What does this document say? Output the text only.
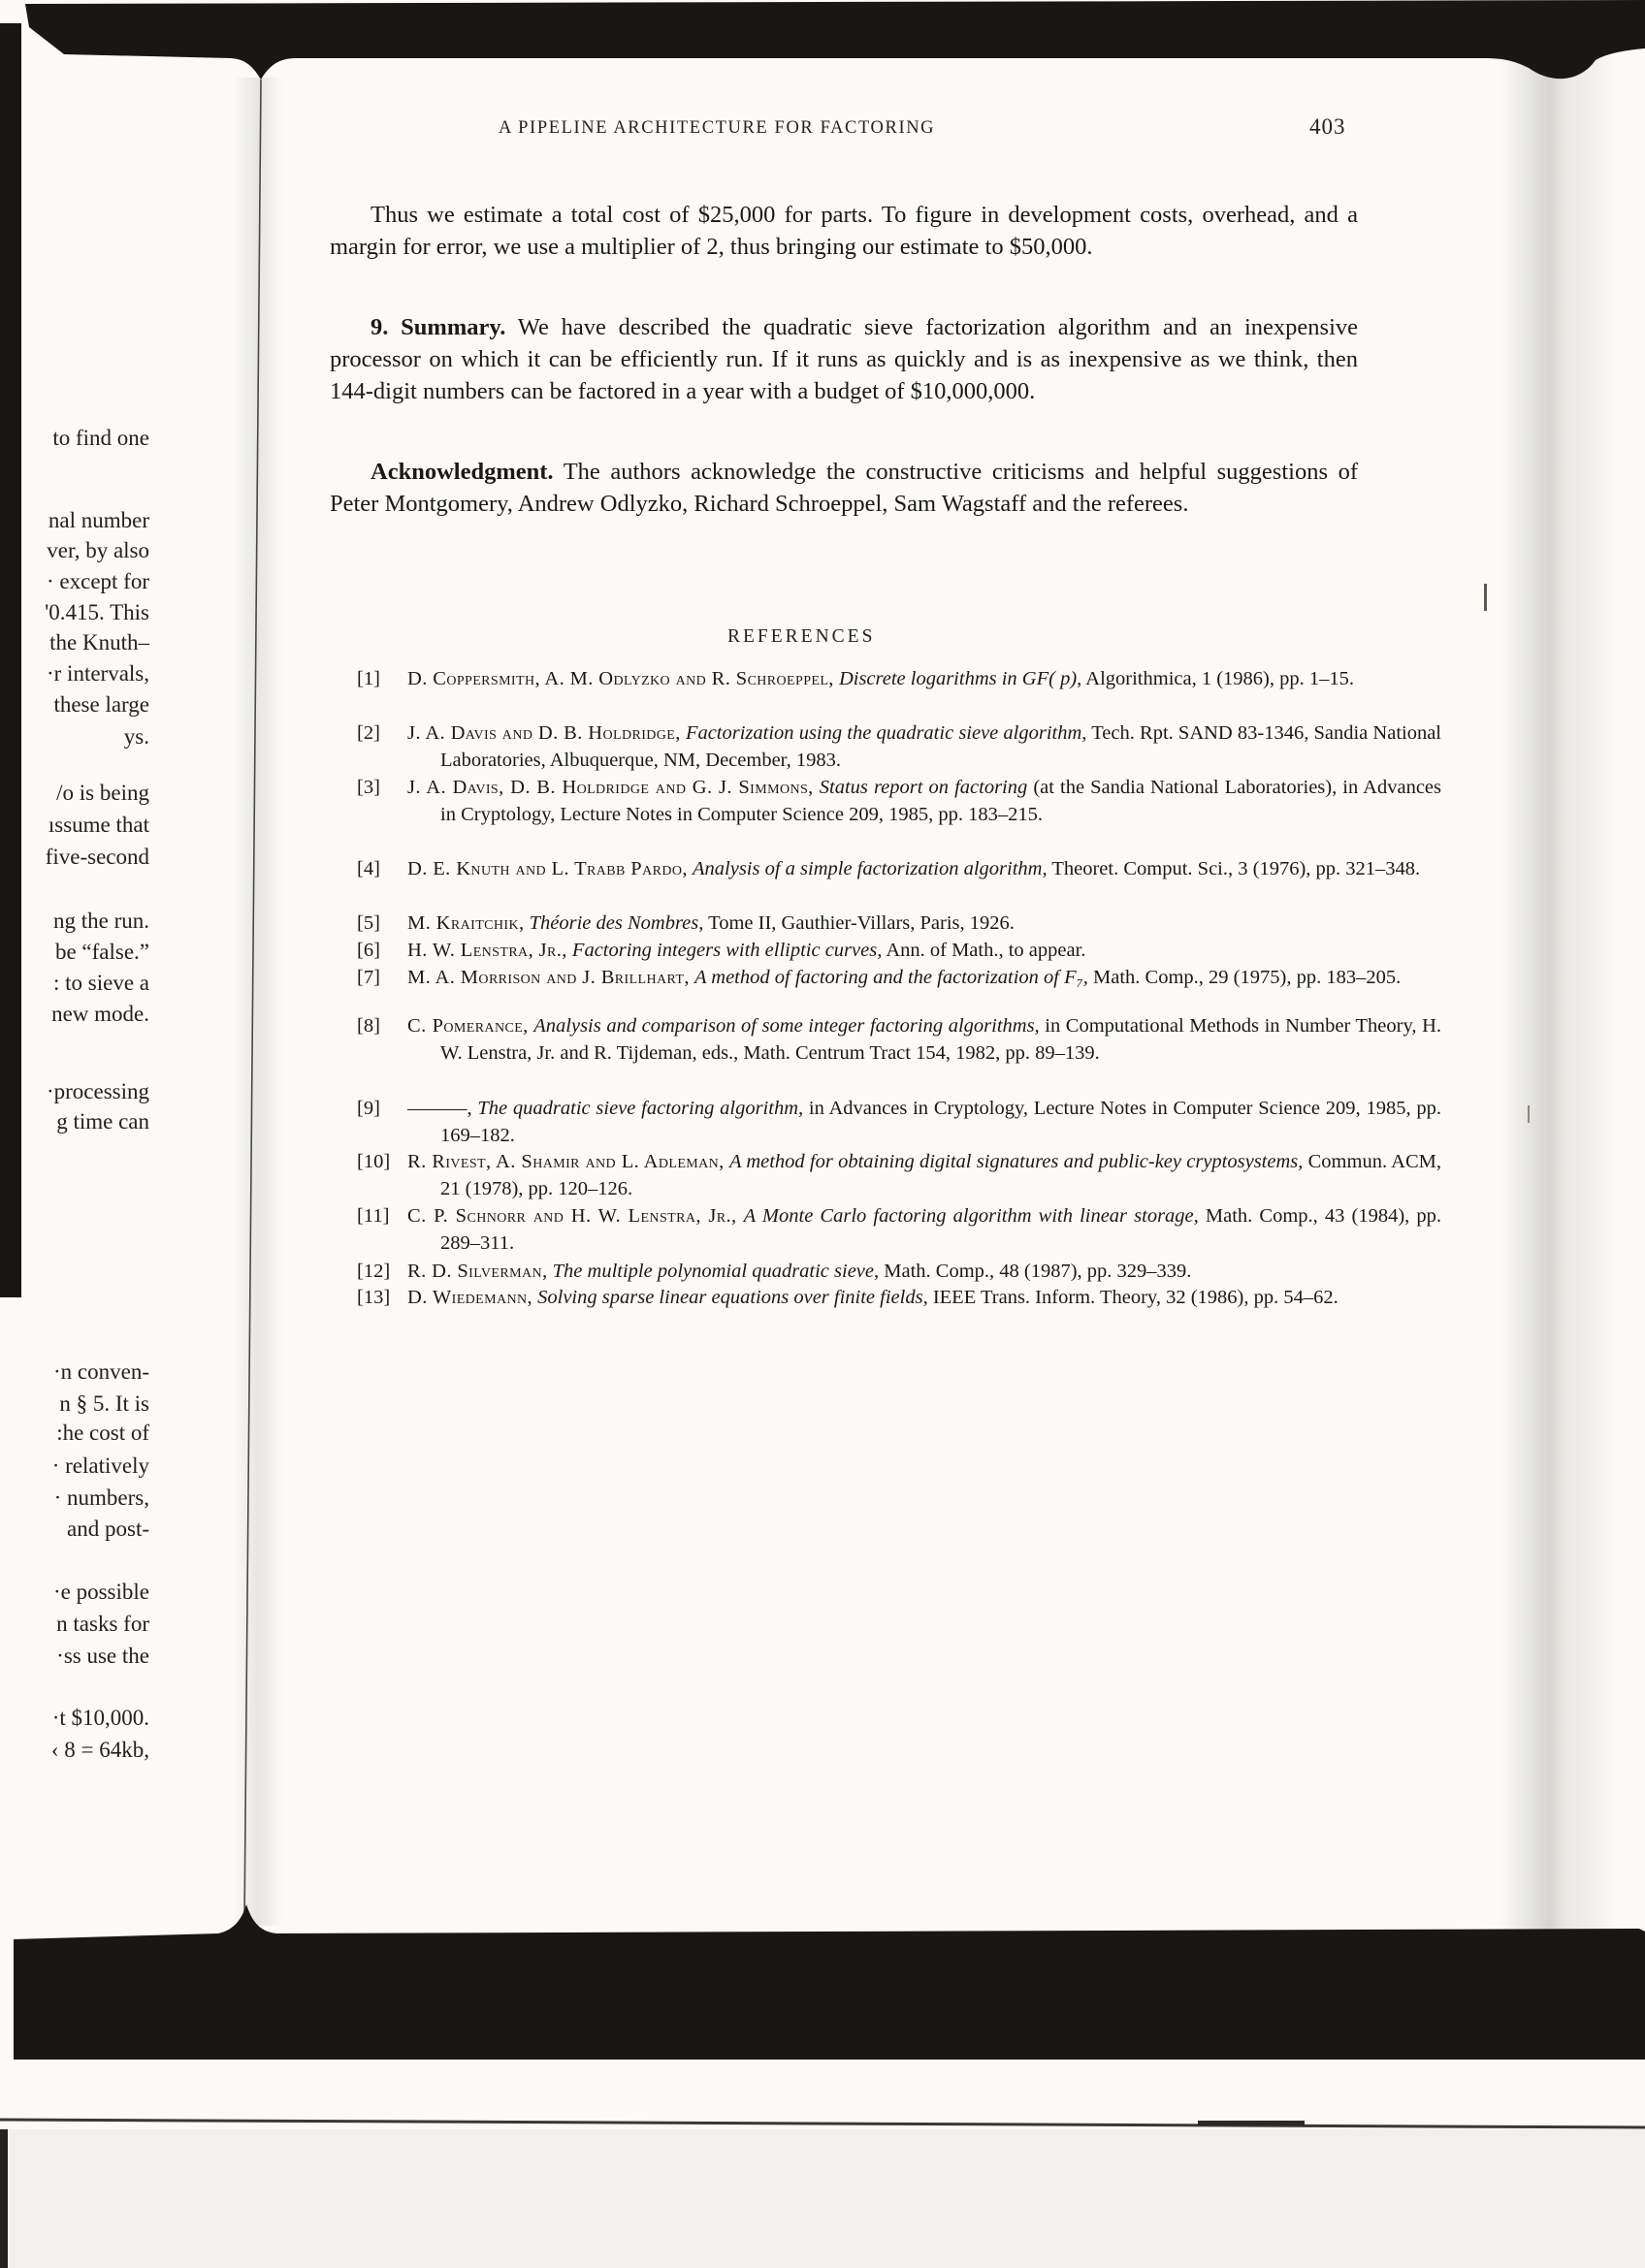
A PIPELINE ARCHITECTURE FOR FACTORING	403
Thus we estimate a total cost of $25,000 for parts. To figure in development costs, overhead, and a margin for error, we use a multiplier of 2, thus bringing our estimate to $50,000.
9. Summary. We have described the quadratic sieve factorization algorithm and an inexpensive processor on which it can be efficiently run. If it runs as quickly and is as inexpensive as we think, then 144-digit numbers can be factored in a year with a budget of $10,000,000.
Acknowledgment. The authors acknowledge the constructive criticisms and helpful suggestions of Peter Montgomery, Andrew Odlyzko, Richard Schroeppel, Sam Wagstaff and the referees.
REFERENCES
[1] D. Coppersmith, A. M. Odlyzko and R. Schroeppel, Discrete logarithms in GF( p), Algorithmica, 1 (1986), pp. 1–15.
[2] J. A. Davis and D. B. Holdridge, Factorization using the quadratic sieve algorithm, Tech. Rpt. SAND 83-1346, Sandia National Laboratories, Albuquerque, NM, December, 1983.
[3] J. A. Davis, D. B. Holdridge and G. J. Simmons, Status report on factoring (at the Sandia National Laboratories), in Advances in Cryptology, Lecture Notes in Computer Science 209, 1985, pp. 183–215.
[4] D. E. Knuth and L. Trabb Pardo, Analysis of a simple factorization algorithm, Theoret. Comput. Sci., 3 (1976), pp. 321–348.
[5] M. Kraitchik, Théorie des Nombres, Tome II, Gauthier-Villars, Paris, 1926.
[6] H. W. Lenstra, Jr., Factoring integers with elliptic curves, Ann. of Math., to appear.
[7] M. A. Morrison and J. Brillhart, A method of factoring and the factorization of F₇, Math. Comp., 29 (1975), pp. 183–205.
[8] C. Pomerance, Analysis and comparison of some integer factoring algorithms, in Computational Methods in Number Theory, H. W. Lenstra, Jr. and R. Tijdeman, eds., Math. Centrum Tract 154, 1982, pp. 89–139.
[9] ———, The quadratic sieve factoring algorithm, in Advances in Cryptology, Lecture Notes in Computer Science 209, 1985, pp. 169–182.
[10] R. Rivest, A. Shamir and L. Adleman, A method for obtaining digital signatures and public-key cryptosystems, Commun. ACM, 21 (1978), pp. 120–126.
[11] C. P. Schnorr and H. W. Lenstra, Jr., A Monte Carlo factoring algorithm with linear storage, Math. Comp., 43 (1984), pp. 289–311.
[12] R. D. Silverman, The multiple polynomial quadratic sieve, Math. Comp., 48 (1987), pp. 329–339.
[13] D. Wiedemann, Solving sparse linear equations over finite fields, IEEE Trans. Inform. Theory, 32 (1986), pp. 54–62.
to find one
nal number
ver, by also
· except for
'0.415. This
the Knuth–
·r intervals,
these large
ys.
/o is being
ıssume that
five-second
ng the run.
be “false.”
: to sieve a
new mode.
·processing
g time can
·n conven-
n § 5. It is
:he cost of
· relatively
· numbers,
and post-
·e possible
n tasks for
·ss use the
·t $10,000.
‹ 8 = 64kb,
